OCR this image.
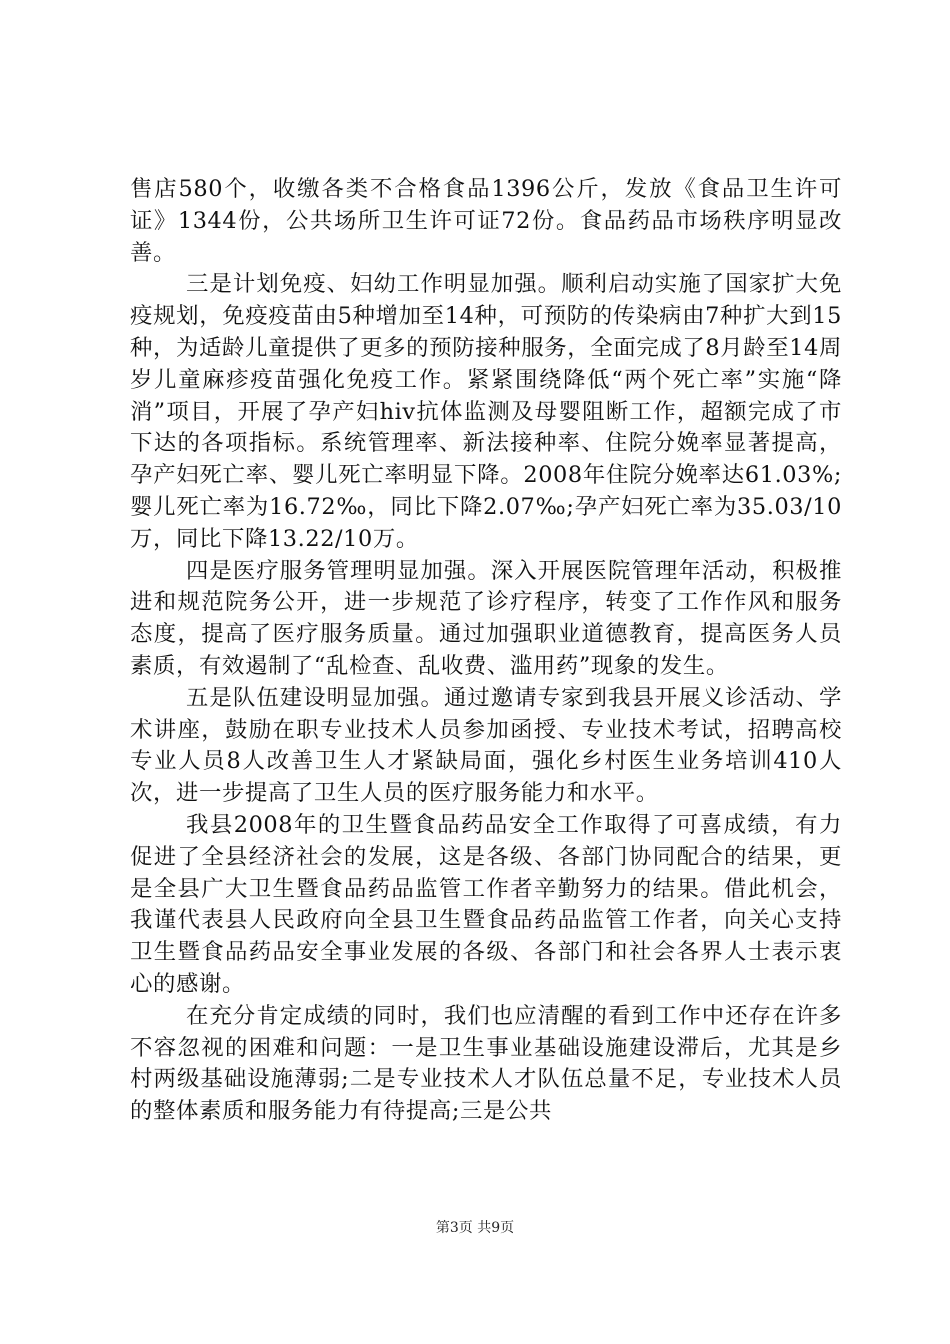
售店580个，收缴各类不合格食品1396公斤，发放《食品卫生许可证》1344份，公共场所卫生许可证72份。食品药品市场秩序明显改善。

三是计划免疫、妇幼工作明显加强。顺利启动实施了国家扩大免疫规划，免疫疫苗由5种增加至14种，可预防的传染病由7种扩大到15种，为适龄儿童提供了更多的预防接种服务，全面完成了8月龄至14周岁儿童麻疹疫苗强化免疫工作。紧紧围绕降低“两个死亡率”实施“降消”项目，开展了孕产妇hiv抗体监测及母婴阻断工作，超额完成了市下达的各项指标。系统管理率、新法接种率、住院分娩率显著提高，孕产妇死亡率、婴儿死亡率明显下降。2008年住院分娩率达61.03%;婴儿死亡率为16.72‰，同比下降2.07‰;孕产妇死亡率为35.03/10万，同比下降13.22/10万。

四是医疗服务管理明显加强。深入开展医院管理年活动，积极推进和规范院务公开，进一步规范了诊疗程序，转变了工作作风和服务态度，提高了医疗服务质量。通过加强职业道德教育，提高医务人员素质，有效遏制了“乱检查、乱收费、滥用药”现象的发生。

五是队伍建设明显加强。通过邀请专家到我县开展义诊活动、学术讲座，鼓励在职专业技术人员参加函授、专业技术考试，招聘高校专业人员8人改善卫生人才紧缺局面，强化乡村医生业务培训410人次，进一步提高了卫生人员的医疗服务能力和水平。

我县2008年的卫生暨食品药品安全工作取得了可喜成绩，有力促进了全县经济社会的发展，这是各级、各部门协同配合的结果，更是全县广大卫生暨食品药品监管工作者辛勤努力的结果。借此机会，我谨代表县人民政府向全县卫生暨食品药品监管工作者，向关心支持卫生暨食品药品安全事业发展的各级、各部门和社会各界人士表示衷心的感谢。

在充分肯定成绩的同时，我们也应清醒的看到工作中还存在许多不容忽视的困难和问题：一是卫生事业基础设施建设滞后，尤其是乡村两级基础设施薄弱;二是专业技术人才队伍总量不足，专业技术人员的整体素质和服务能力有待提高;三是公共

第3页 共9页
